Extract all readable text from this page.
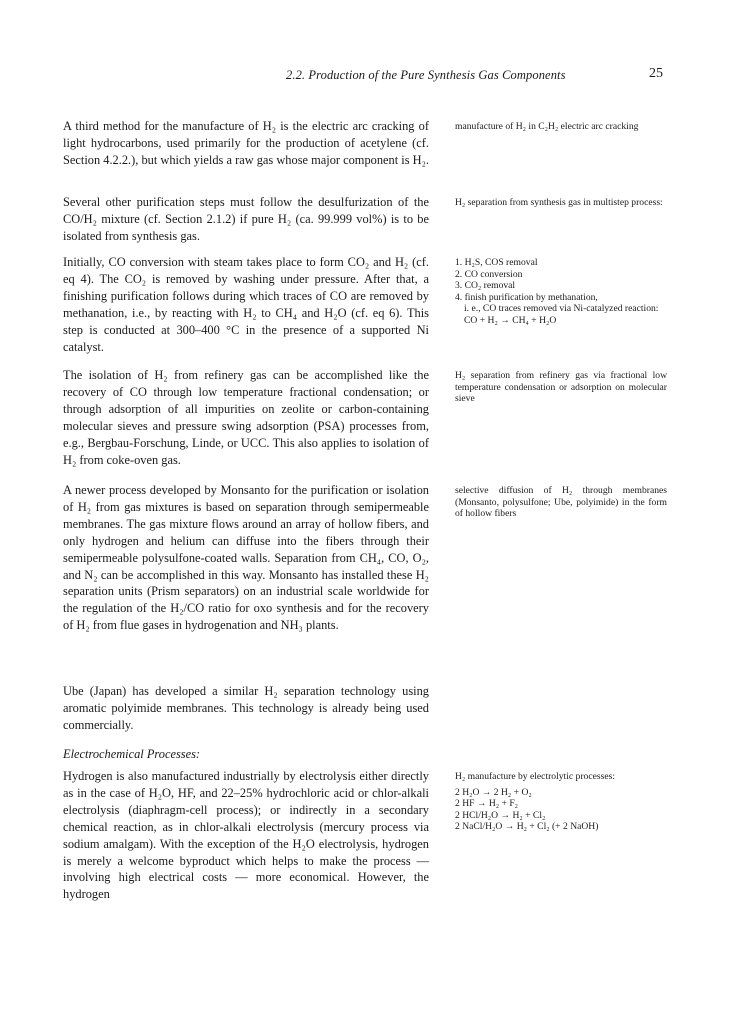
2.2. Production of the Pure Synthesis Gas Components	25

A third method for the manufacture of H₂ is the electric arc cracking of light hydrocarbons, used primarily for the production of acetylene (cf. Section 4.2.2.), but which yields a raw gas whose major component is H₂.

Several other purification steps must follow the desulfurization of the CO/H₂ mixture (cf. Section 2.1.2) if pure H₂ (ca. 99.999 vol%) is to be isolated from synthesis gas.

Initially, CO conversion with steam takes place to form CO₂ and H₂ (cf. eq 4). The CO₂ is removed by washing under pressure. After that, a finishing purification follows during which traces of CO are removed by methanation, i.e., by reacting with H₂ to CH₄ and H₂O (cf. eq 6). This step is conducted at 300–400 °C in the presence of a supported Ni catalyst.

The isolation of H₂ from refinery gas can be accomplished like the recovery of CO through low temperature fractional condensation; or through adsorption of all impurities on zeolite or carbon-containing molecular sieves and pressure swing adsorption (PSA) processes from, e.g., Bergbau-Forschung, Linde, or UCC. This also applies to isolation of H₂ from coke-oven gas.

A newer process developed by Monsanto for the purification or isolation of H₂ from gas mixtures is based on separation through semipermeable membranes. The gas mixture flows around an array of hollow fibers, and only hydrogen and helium can diffuse into the fibers through their semipermeable polysulfone-coated walls. Separation from CH₄, CO, O₂, and N₂ can be accomplished in this way. Monsanto has installed these H₂ separation units (Prism separators) on an industrial scale worldwide for the regulation of the H₂/CO ratio for oxo synthesis and for the recovery of H₂ from flue gases in hydrogenation and NH₃ plants.

Ube (Japan) has developed a similar H₂ separation technology using aromatic polyimide membranes. This technology is already being used commercially.

Electrochemical Processes:

Hydrogen is also manufactured industrially by electrolysis either directly as in the case of H₂O, HF, and 22–25% hydrochloric acid or chlor-alkali electrolysis (diaphragm-cell process); or indirectly in a secondary chemical reaction, as in chlor-alkali electrolysis (mercury process via sodium amalgam). With the exception of the H₂O electrolysis, hydrogen is merely a welcome byproduct which helps to make the process — involving high electrical costs — more economical. However, the hydrogen

manufacture of H₂ in C₂H₂ electric arc cracking

H₂ separation from synthesis gas in multistep process:

1. H₂S, COS removal
2. CO conversion
3. CO₂ removal
4. finish purification by methanation,
i. e., CO traces removed via Ni-catalyzed reaction:
CO + H₂ → CH₄ + H₂O

H₂ separation from refinery gas via fractional low temperature condensation or adsorption on molecular sieve

selective diffusion of H₂ through membranes (Monsanto, polysulfone; Ube, polyimide) in the form of hollow fibers

H₂ manufacture by electrolytic processes:

2 H₂O → 2 H₂ + O₂
2 HF → H₂ + F₂
2 HCl/H₂O → H₂ + Cl₂
2 NaCl/H₂O → H₂ + Cl₂ (+ 2 NaOH)
